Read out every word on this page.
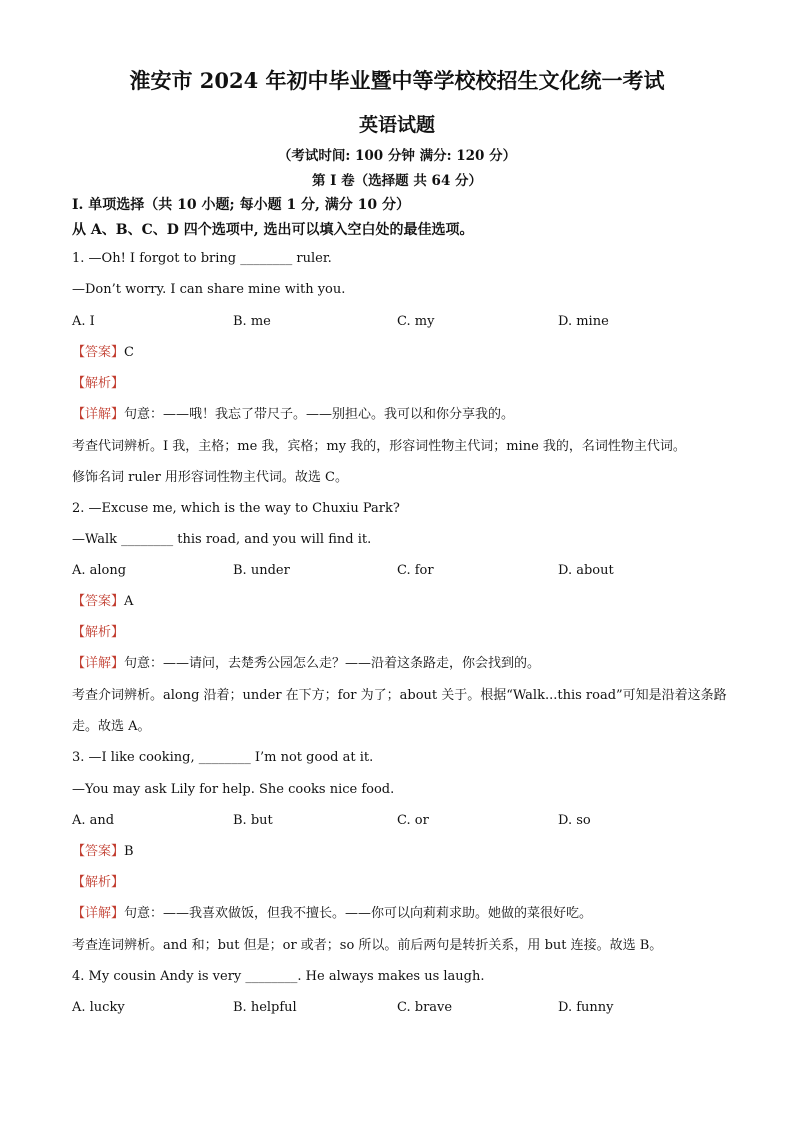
淮安市 2024 年初中毕业暨中等学校校招生文化统一考试
英语试题
（考试时间: 100 分钟 满分: 120 分）
第 I 卷（选择题 共 64 分）
I. 单项选择（共 10 小题; 每小题 1 分, 满分 10 分）
从 A、B、C、D 四个选项中, 选出可以填入空白处的最佳选项。
1. —Oh! I forgot to bring ________ ruler.
—Don’t worry. I can share mine with you.
A. I	B. me	C. my	D. mine
【答案】C
【解析】
【详解】句意：——哦！我忘了带尺子。——别担心。我可以和你分享我的。
考查代词辨析。I 我，主格；me 我，宾格；my 我的，形容词性物主代词；mine 我的，名词性物主代词。
修饰名词 ruler 用形容词性物主代词。故选 C。
2. —Excuse me, which is the way to Chuxiu Park?
—Walk ________ this road, and you will find it.
A. along	B. under	C. for	D. about
【答案】A
【解析】
【详解】句意：——请问，去楚秀公园怎么走？——沿着这条路走，你会找到的。
考查介词辨析。along 沿着；under 在下方；for 为了；about 关于。根据“Walk...this road”可知是沿着这条路
走。故选 A。
3. —I like cooking, ________ I’m not good at it.
—You may ask Lily for help. She cooks nice food.
A. and	B. but	C. or	D. so
【答案】B
【解析】
【详解】句意：——我喜欢做饭，但我不擅长。——你可以向莉莉求助。她做的菜很好吃。
考查连词辨析。and 和；but 但是；or 或者；so 所以。前后两句是转折关系，用 but 连接。故选 B。
4. My cousin Andy is very ________. He always makes us laugh.
A. lucky	B. helpful	C. brave	D. funny
